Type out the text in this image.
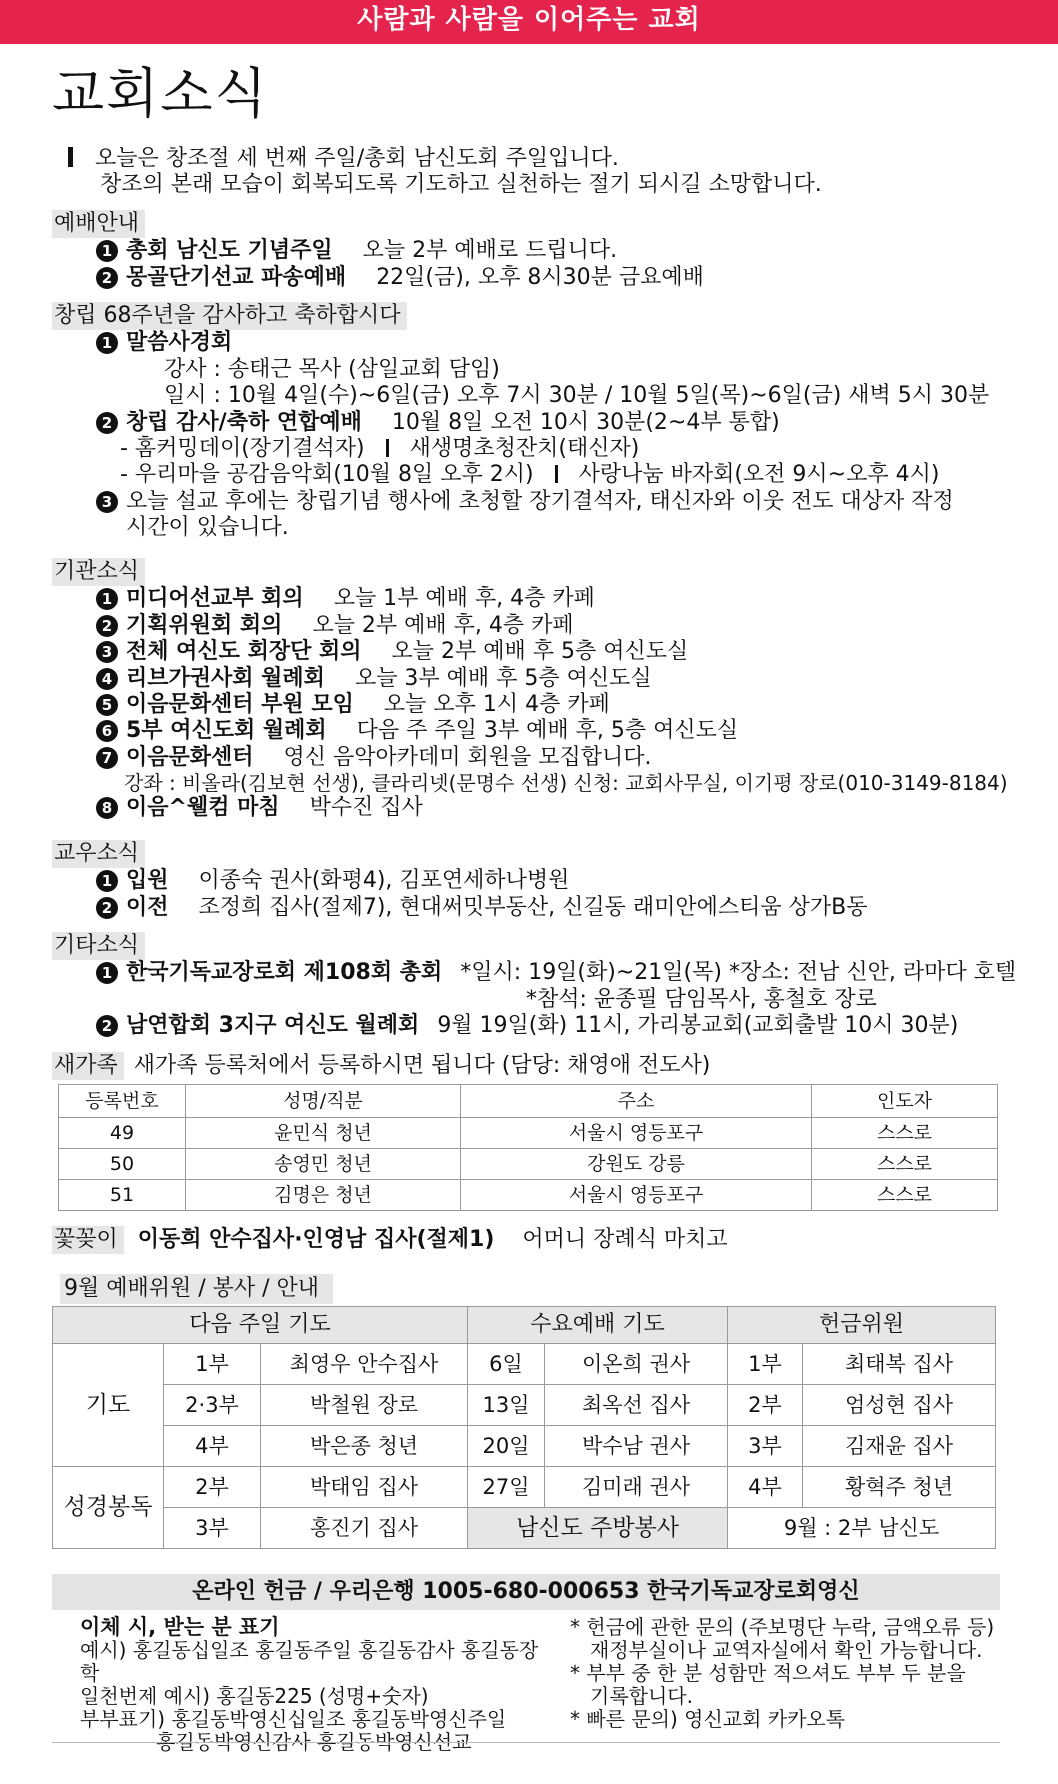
사람과 사람을 이어주는 교회
교회소식
오늘은 창조절 세 번째 주일/총회 남신도회 주일입니다.
창조의 본래 모습이 회복되도록 기도하고 실천하는 절기 되시길 소망합니다.
예배안내
1 총회 남신도 기념주일 오늘 2부 예배로 드립니다.
2 몽골단기선교 파송예배 22일(금), 오후 8시30분 금요예배
창립 68주년을 감사하고 축하합시다
1 말씀사경회
강사 : 송태근 목사 (삼일교회 담임)
일시 : 10월 4일(수)~6일(금) 오후 7시 30분 / 10월 5일(목)~6일(금) 새벽 5시 30분
2 창립 감사/축하 연합예배 10월 8일 오전 10시 30분(2~4부 통합)
- 홈커밍데이(장기결석자) 새생명초청잔치(태신자)
- 우리마을 공감음악회(10월 8일 오후 2시) 사랑나눔 바자회(오전 9시~오후 4시)
3 오늘 설교 후에는 창립기념 행사에 초청할 장기결석자, 태신자와 이웃 전도 대상자 작정
시간이 있습니다.
기관소식
1 미디어선교부 회의 오늘 1부 예배 후, 4층 카페
2 기획위원회 회의 오늘 2부 예배 후, 4층 카페
3 전체 여신도 회장단 회의 오늘 2부 예배 후 5층 여신도실
4 리브가권사회 월례회 오늘 3부 예배 후 5층 여신도실
5 이음문화센터 부원 모임 오늘 오후 1시 4층 카페
6 5부 여신도회 월례회 다음 주 주일 3부 예배 후, 5층 여신도실
7 이음문화센터 영신 음악아카데미 회원을 모집합니다.
강좌 : 비올라(김보현 선생), 클라리넷(문명수 선생) 신청: 교회사무실, 이기평 장로(010-3149-8184)
8 이음^웰컴 마침 박수진 집사
교우소식
1 입원 이종숙 권사(화평4), 김포연세하나병원
2 이전 조정희 집사(절제7), 현대써밋부동산, 신길동 래미안에스티움 상가B동
기타소식
1 한국기독교장로회 제108회 총회 *일시: 19일(화)~21일(목) *장소: 전남 신안, 라마다 호텔
*참석: 윤종필 담임목사, 홍철호 장로
2 남연합회 3지구 여신도 월례회 9월 19일(화) 11시, 가리봉교회(교회출발 10시 30분)
새가족 새가족 등록처에서 등록하시면 됩니다 (담당: 채영애 전도사)
등록번호	성명/직분	주소	인도자
49	윤민식 청년	서울시 영등포구	스스로
50	송영민 청년	강원도 강릉	스스로
51	김명은 청년	서울시 영등포구	스스로
꽃꽂이 이동희 안수집사·인영남 집사(절제1) 어머니 장례식 마치고
9월 예배위원 / 봉사 / 안내
다음 주일 기도			수요예배 기도		헌금위원	
기도	1부	최영우 안수집사	6일	이온희 권사	1부	최태복 집사
	2·3부	박철원 장로	13일	최옥선 집사	2부	엄성현 집사
	4부	박은종 청년	20일	박수남 권사	3부	김재윤 집사
성경봉독	2부	박태임 집사	27일	김미래 권사	4부	황혁주 청년
	3부	홍진기 집사	남신도 주방봉사		9월 : 2부 남신도	
온라인 헌금 / 우리은행 1005-680-000653 한국기독교장로회영신
이체 시, 받는 분 표기
예시) 홍길동십일조 홍길동주일 홍길동감사 홍길동장학
일천번제 예시) 홍길동225 (성명+숫자)
부부표기) 홍길동박영신십일조 홍길동박영신주일
홍길동박영신감사 홍길동박영신선교
* 헌금에 관한 문의 (주보명단 누락, 금액오류 등)
재정부실이나 교역자실에서 확인 가능합니다.
* 부부 중 한 분 성함만 적으셔도 부부 두 분을
기록합니다.
* 빠른 문의) 영신교회 카카오톡
